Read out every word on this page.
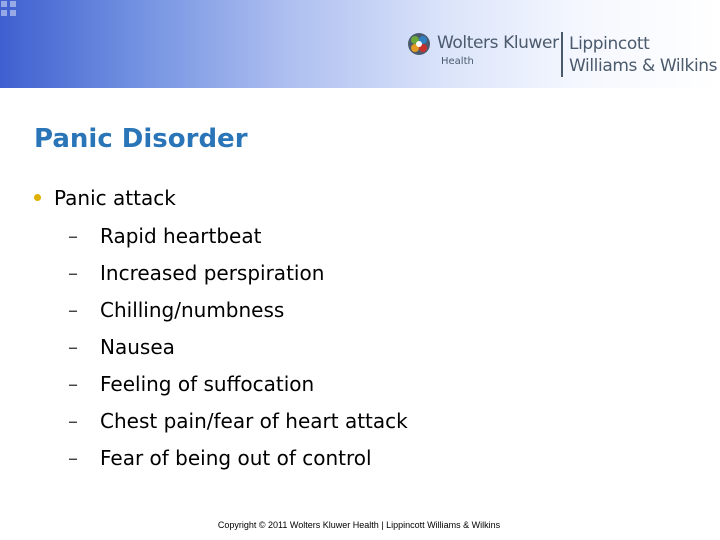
Wolters Kluwer
Health
Lippincott
Williams & Wilkins
Panic Disorder
Panic attack
– Rapid heartbeat
– Increased perspiration
– Chilling/numbness
– Nausea
– Feeling of suffocation
– Chest pain/fear of heart attack
– Fear of being out of control
Copyright © 2011 Wolters Kluwer Health | Lippincott Williams & Wilkins
